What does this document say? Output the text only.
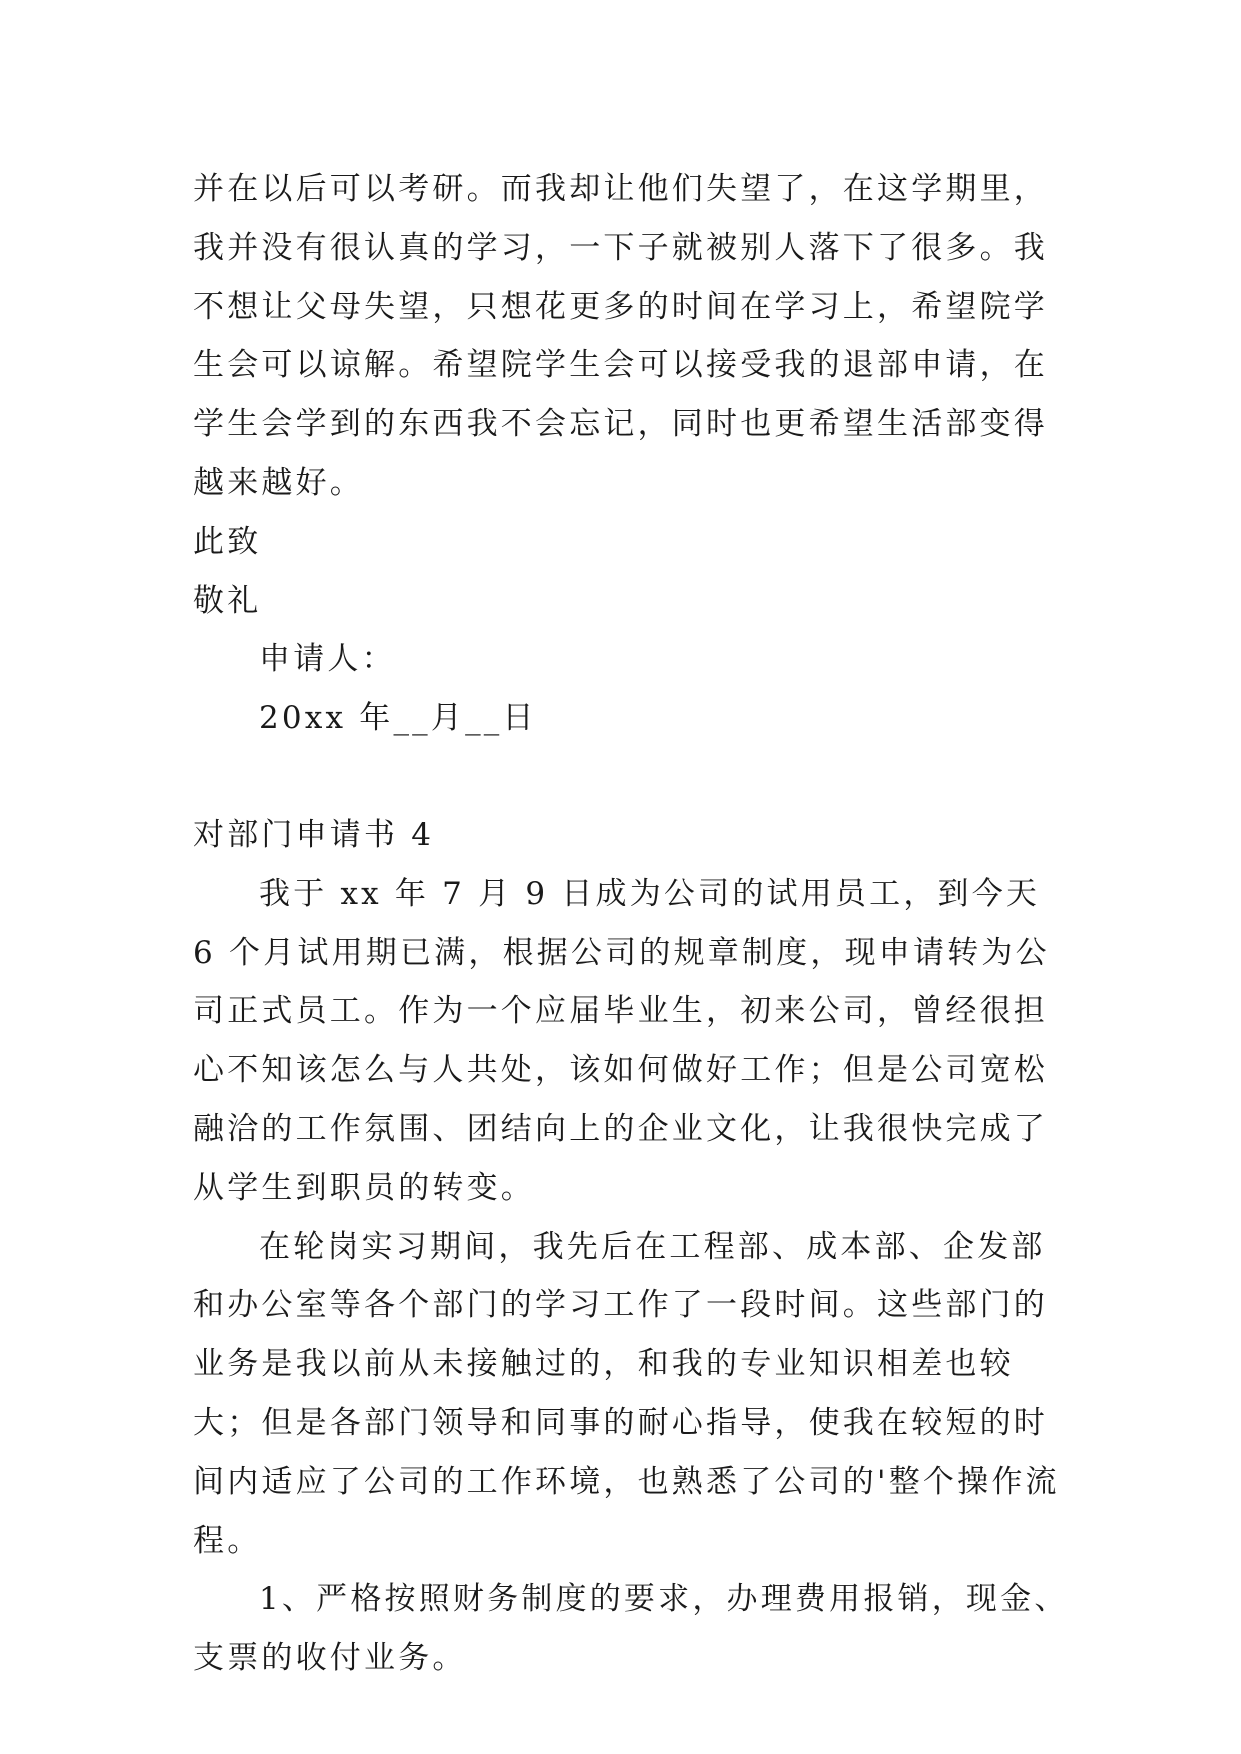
并在以后可以考研。而我却让他们失望了，在这学期里，我并没有很认真的学习，一下子就被别人落下了很多。我不想让父母失望，只想花更多的时间在学习上，希望院学生会可以谅解。希望院学生会可以接受我的退部申请，在学生会学到的东西我不会忘记，同时也更希望生活部变得越来越好。

此致

敬礼

申请人：

20xx 年__月__日

对部门申请书 4

我于 xx 年 7 月 9 日成为公司的试用员工，到今天 6 个月试用期已满，根据公司的规章制度，现申请转为公司正式员工。作为一个应届毕业生，初来公司，曾经很担心不知该怎么与人共处，该如何做好工作；但是公司宽松融洽的工作氛围、团结向上的企业文化，让我很快完成了从学生到职员的转变。

在轮岗实习期间，我先后在工程部、成本部、企发部和办公室等各个部门的学习工作了一段时间。这些部门的业务是我以前从未接触过的，和我的专业知识相差也较大；但是各部门领导和同事的耐心指导，使我在较短的时间内适应了公司的工作环境，也熟悉了公司的'整个操作流程。

1、严格按照财务制度的要求，办理费用报销，现金、支票的收付业务。
